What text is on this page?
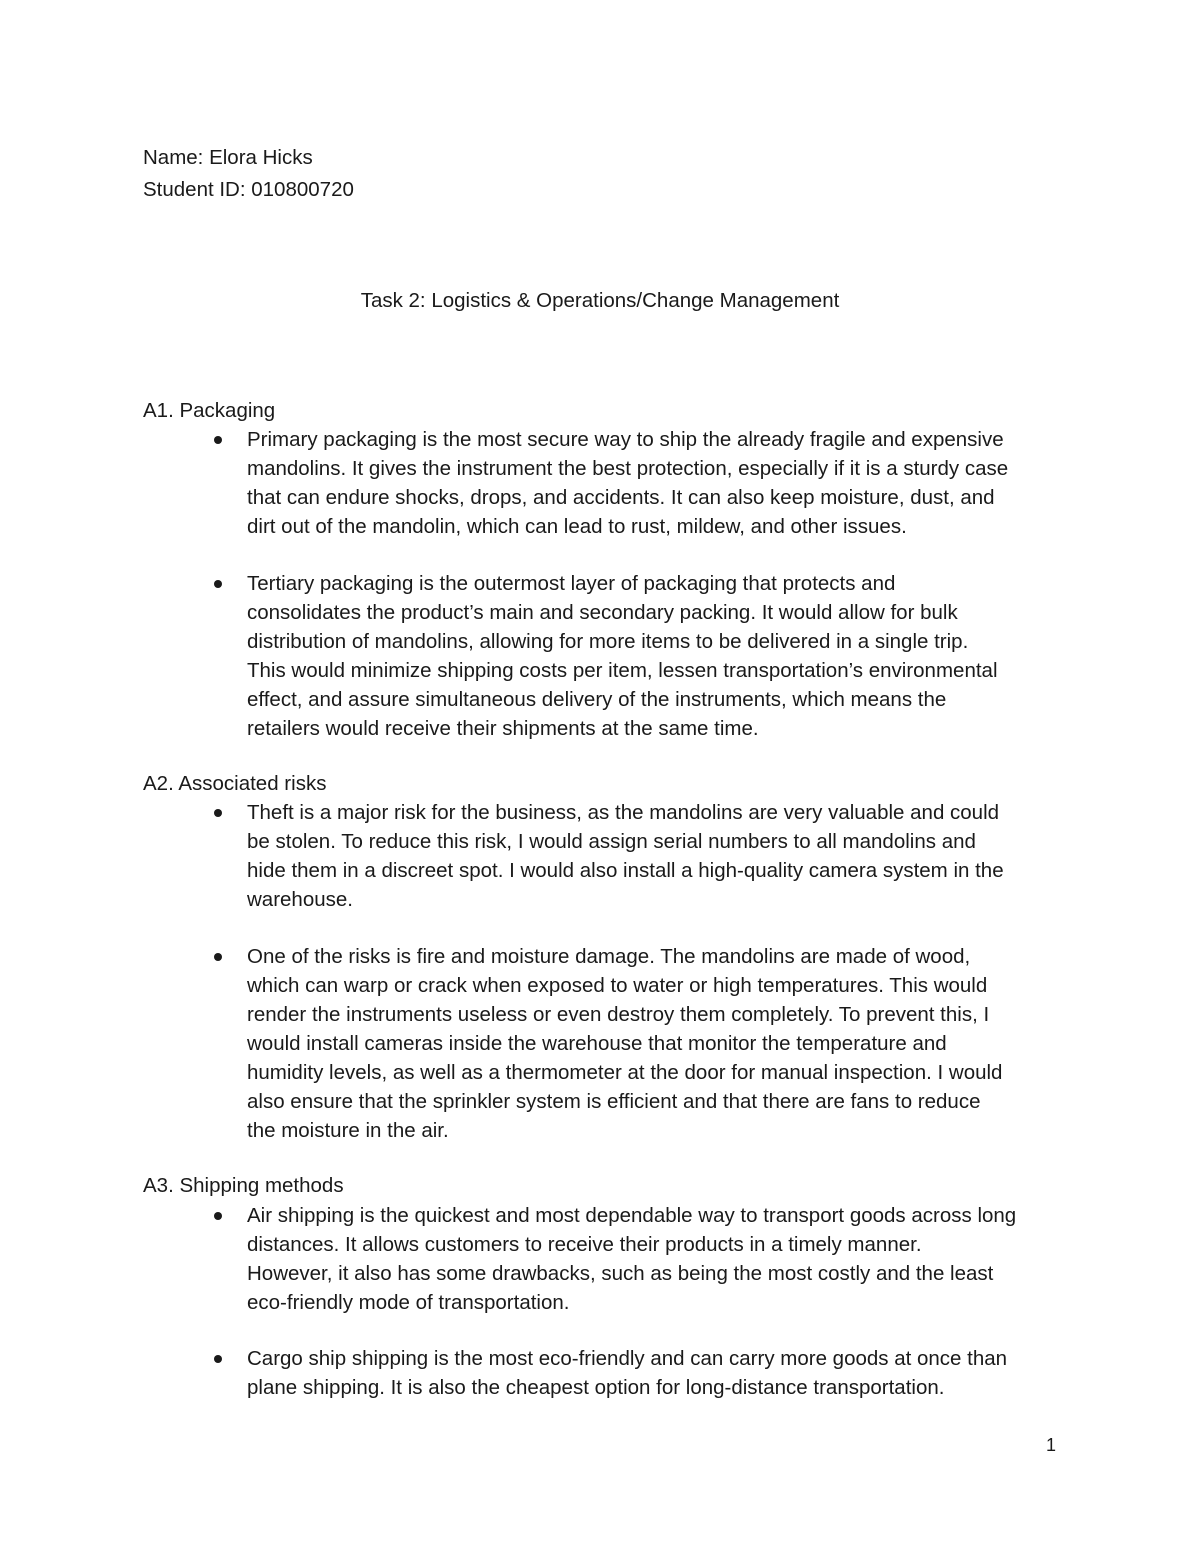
Name: Elora Hicks
Student ID: 010800720
Task 2: Logistics & Operations/Change Management
A1. Packaging
Primary packaging is the most secure way to ship the already fragile and expensive
mandolins. It gives the instrument the best protection, especially if it is a sturdy case
that can endure shocks, drops, and accidents. It can also keep moisture, dust, and
dirt out of the mandolin, which can lead to rust, mildew, and other issues.
Tertiary packaging is the outermost layer of packaging that protects and
consolidates the product’s main and secondary packing. It would allow for bulk
distribution of mandolins, allowing for more items to be delivered in a single trip.
This would minimize shipping costs per item, lessen transportation’s environmental
effect, and assure simultaneous delivery of the instruments, which means the
retailers would receive their shipments at the same time.
A2. Associated risks
Theft is a major risk for the business, as the mandolins are very valuable and could
be stolen. To reduce this risk, I would assign serial numbers to all mandolins and
hide them in a discreet spot. I would also install a high-quality camera system in the
warehouse.
One of the risks is fire and moisture damage. The mandolins are made of wood,
which can warp or crack when exposed to water or high temperatures. This would
render the instruments useless or even destroy them completely. To prevent this, I
would install cameras inside the warehouse that monitor the temperature and
humidity levels, as well as a thermometer at the door for manual inspection. I would
also ensure that the sprinkler system is efficient and that there are fans to reduce
the moisture in the air.
A3. Shipping methods
Air shipping is the quickest and most dependable way to transport goods across long
distances. It allows customers to receive their products in a timely manner.
However, it also has some drawbacks, such as being the most costly and the least
eco-friendly mode of transportation.
Cargo ship shipping is the most eco-friendly and can carry more goods at once than
plane shipping. It is also the cheapest option for long-distance transportation.
1
